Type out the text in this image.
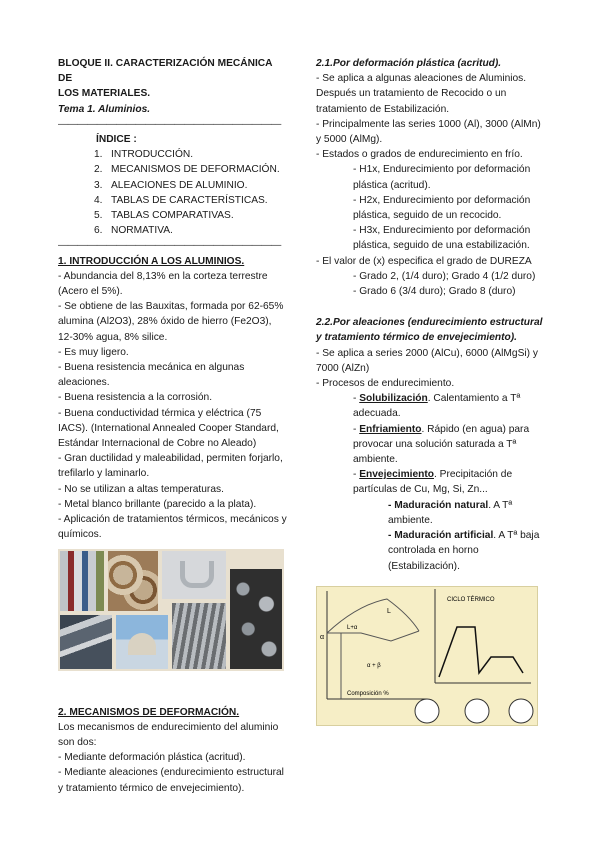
BLOQUE II. CARACTERIZACIÓN MECÁNICA DE

LOS MATERIALES.

Tema 1. Aluminios.

———————————————————————

ÍNDICE :

1. INTRODUCCIÓN.
2. MECANISMOS DE DEFORMACIÓN.
3. ALEACIONES DE ALUMINIO.
4. TABLAS DE CARACTERÍSTICAS.
5. TABLAS COMPARATIVAS.
6. NORMATIVA.

———————————————————————

1. INTRODUCCIÓN A LOS ALUMINIOS.

- Abundancia del 8,13% en la corteza terrestre (Acero el 5%).

- Se obtiene de las Bauxitas, formada por 62-65% alumina (Al2O3), 28% óxido de hierro (Fe2O3), 12-30% agua, 8% silice.

- Es muy ligero.

- Buena resistencia mecánica en algunas aleaciones.

- Buena resistencia a la corrosión.

- Buena conductividad térmica y eléctrica (75 IACS). (International Annealed Cooper Standard, Estándar Internacional de Cobre no Aleado)

- Gran ductilidad y maleabilidad, permiten forjarlo, trefilarlo y laminarlo.

- No se utilizan a altas temperaturas.

- Metal blanco brillante (parecido a la plata).

- Aplicación de tratamientos térmicos, mecánicos y químicos.

2. MECANISMOS DE DEFORMACIÓN.

Los mecanismos de endurecimiento del aluminio son dos:

- Mediante deformación plástica (acritud).

- Mediante aleaciones (endurecimiento estructural y tratamiento térmico de envejecimiento).

2.1.Por deformación plástica (acritud).

- Se aplica a algunas aleaciones de Aluminios. Después un tratamiento de Recocido o un tratamiento de Estabilización.

- Principalmente las series 1000 (Al), 3000 (AlMn) y 5000 (AlMg).

- Estados o grados de endurecimiento en frío.

- H1x, Endurecimiento por deformación plástica (acritud).

- H2x, Endurecimiento por deformación plástica, seguido de un recocido.

- H3x, Endurecimiento por deformación plástica, seguido de una estabilización.

- El valor de (x) especifica el grado de DUREZA

- Grado 2, (1/4 duro); Grado 4 (1/2 duro)

- Grado 6 (3/4 duro); Grado 8 (duro)

2.2.Por aleaciones (endurecimiento estructural y tratamiento térmico de envejecimiento).

- Se aplica a series 2000 (AlCu), 6000 (AlMgSi) y 7000 (AlZn)

- Procesos de endurecimiento.

- Solubilización. Calentamiento a Tª adecuada.

- Enfriamiento. Rápido (en agua) para provocar una solución saturada a Tª ambiente.

- Envejecimiento. Precipitación de partículas de Cu, Mg, Si, Zn...

- Maduración natural. A Tª ambiente.

- Maduración artificial. A Tª baja controlada en horno (Estabilización).

CICLO TÉRMICO
α
L+α
L
α + β
Composición %
